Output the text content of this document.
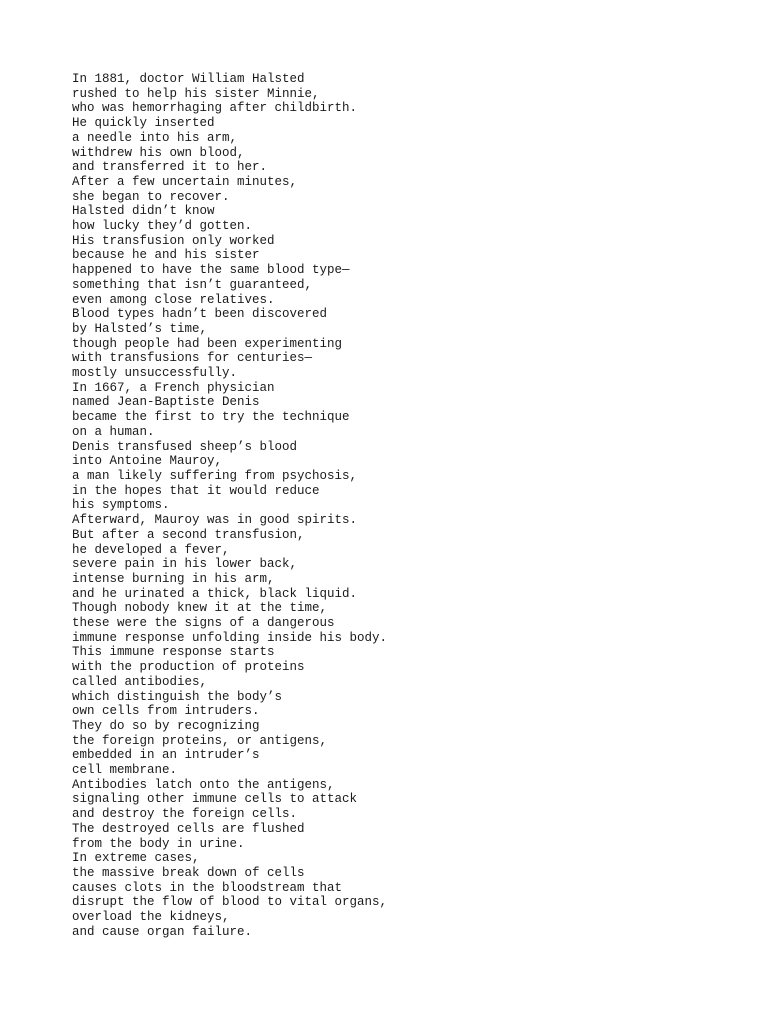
In 1881, doctor William Halsted
rushed to help his sister Minnie,
who was hemorrhaging after childbirth.
He quickly inserted
a needle into his arm,
withdrew his own blood,
and transferred it to her.
After a few uncertain minutes,
she began to recover.
Halsted didn’t know
how lucky they’d gotten.
His transfusion only worked
because he and his sister
happened to have the same blood type—
something that isn’t guaranteed,
even among close relatives.
Blood types hadn’t been discovered
by Halsted’s time,
though people had been experimenting
with transfusions for centuries—
mostly unsuccessfully.
In 1667, a French physician
named Jean-Baptiste Denis
became the first to try the technique
on a human.
Denis transfused sheep’s blood
into Antoine Mauroy,
a man likely suffering from psychosis,
in the hopes that it would reduce
his symptoms.
Afterward, Mauroy was in good spirits.
But after a second transfusion,
he developed a fever,
severe pain in his lower back,
intense burning in his arm,
and he urinated a thick, black liquid.
Though nobody knew it at the time,
these were the signs of a dangerous
immune response unfolding inside his body.
This immune response starts
with the production of proteins
called antibodies,
which distinguish the body’s
own cells from intruders.
They do so by recognizing
the foreign proteins, or antigens,
embedded in an intruder’s
cell membrane.
Antibodies latch onto the antigens,
signaling other immune cells to attack
and destroy the foreign cells.
The destroyed cells are flushed
from the body in urine.
In extreme cases,
the massive break down of cells
causes clots in the bloodstream that
disrupt the flow of blood to vital organs,
overload the kidneys,
and cause organ failure.
